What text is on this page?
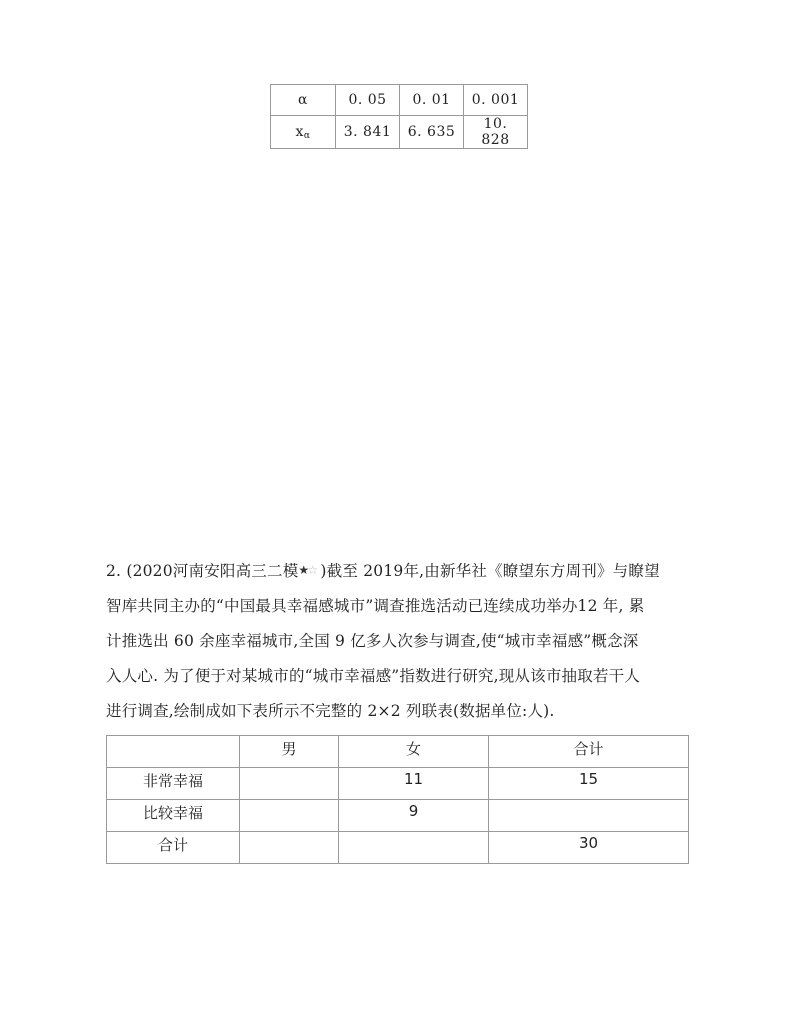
α	0. 05	0. 01	0. 001
$x_\alpha$	3. 841	6. 635	10. 828

2. (2020河南安阳高三二模 ★
☆ )截至 2019年,由新华社《瞭望东方周刊》与瞭望

智库共同主办的“中国最具幸福感城市”调查推选活动已连续成功举办12 年, 累

计推选出 60 余座幸福城市,全国 9 亿多人次参与调查,使“城市幸福感”概念深

入人心. 为了便于对某城市的“城市幸福感”指数进行研究,现从该市抽取若干人

进行调查,绘制成如下表所示不完整的 2×2 列联表(数据单位:人).

	男	女	合计
非常幸福		11	15
比较幸福		9	
合计			30
